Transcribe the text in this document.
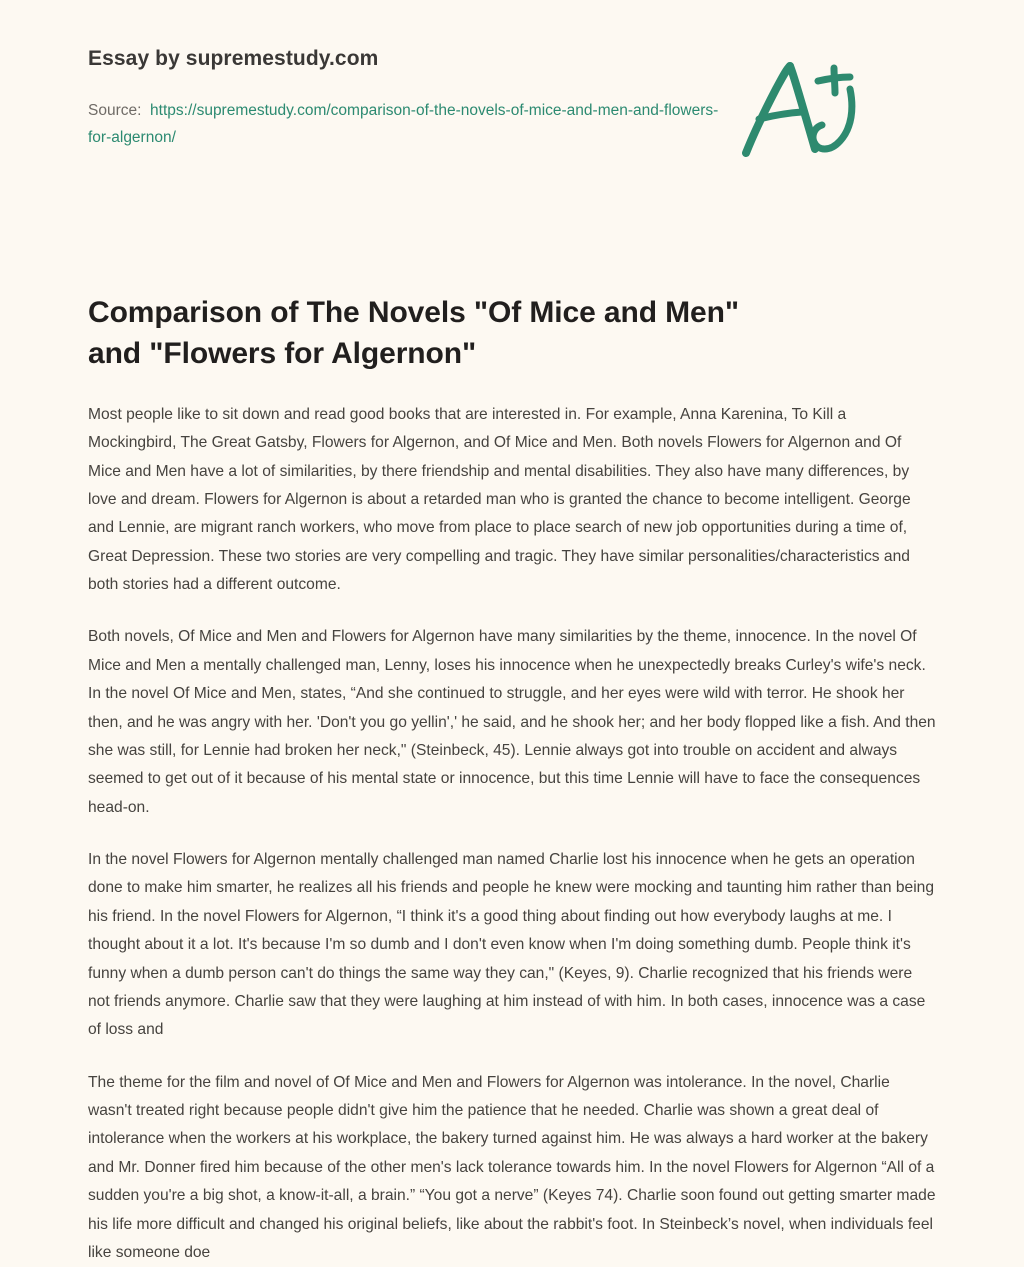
Essay by supremestudy.com
Source: https://supremestudy.com/comparison-of-the-novels-of-mice-and-men-and-flowers-for-algernon/
Comparison of The Novels "Of Mice and Men" and "Flowers for Algernon"

Most people like to sit down and read good books that are interested in. For example, Anna Karenina, To Kill a Mockingbird, The Great Gatsby, Flowers for Algernon, and Of Mice and Men. Both novels Flowers for Algernon and Of Mice and Men have a lot of similarities, by there friendship and mental disabilities. They also have many differences, by love and dream. Flowers for Algernon is about a retarded man who is granted the chance to become intelligent. George and Lennie, are migrant ranch workers, who move from place to place search of new job opportunities during a time of, Great Depression. These two stories are very compelling and tragic. They have similar personalities/characteristics and both stories had a different outcome.

Both novels, Of Mice and Men and Flowers for Algernon have many similarities by the theme, innocence. In the novel Of Mice and Men a mentally challenged man, Lenny, loses his innocence when he unexpectedly breaks Curley's wife's neck. In the novel Of Mice and Men, states, “And she continued to struggle, and her eyes were wild with terror. He shook her then, and he was angry with her. 'Don't you go yellin',' he said, and he shook her; and her body flopped like a fish. And then she was still, for Lennie had broken her neck," (Steinbeck, 45). Lennie always got into trouble on accident and always seemed to get out of it because of his mental state or innocence, but this time Lennie will have to face the consequences head-on.

In the novel Flowers for Algernon mentally challenged man named Charlie lost his innocence when he gets an operation done to make him smarter, he realizes all his friends and people he knew were mocking and taunting him rather than being his friend. In the novel Flowers for Algernon, “I think it's a good thing about finding out how everybody laughs at me. I thought about it a lot. It's because I'm so dumb and I don't even know when I'm doing something dumb. People think it's funny when a dumb person can't do things the same way they can," (Keyes, 9). Charlie recognized that his friends were not friends anymore. Charlie saw that they were laughing at him instead of with him. In both cases, innocence was a case of loss and

The theme for the film and novel of Of Mice and Men and Flowers for Algernon was intolerance. In the novel, Charlie wasn't treated right because people didn't give him the patience that he needed. Charlie was shown a great deal of intolerance when the workers at his workplace, the bakery turned against him. He was always a hard worker at the bakery and Mr. Donner fired him because of the other men's lack tolerance towards him. In the novel Flowers for Algernon “All of a sudden you're a big shot, a know-it-all, a brain.” “You got a nerve” (Keyes 74). Charlie soon found out getting smarter made his life more difficult and changed his original beliefs, like about the rabbit's foot. In Steinbeck’s novel, when individuals feel like someone doe
